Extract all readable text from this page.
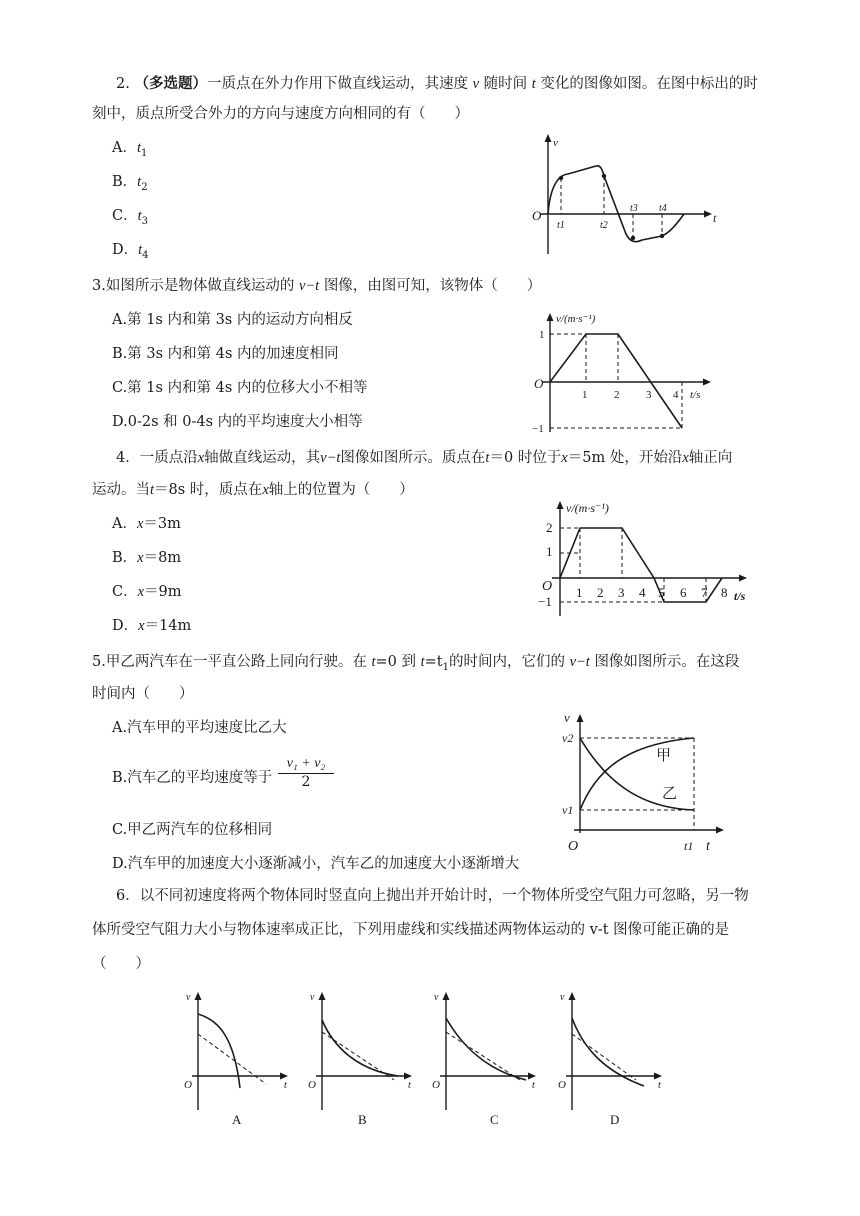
2. （多选题）一质点在外力作用下做直线运动，其速度 v 随时间 t 变化的图像如图。在图中标出的时
刻中，质点所受合外力的方向与速度方向相同的有（　　）
A．$t_1$
B．$t_2$
C．$t_3$
D．$t_4$
v
t
O
t1	t2
t3 t4
3.如图所示是物体做直线运动的 v−t 图像，由图可知，该物体（　　）
A.第 1s 内和第 3s 内的运动方向相反
B.第 3s 内和第 4s 内的加速度相同
C.第 1s 内和第 4s 内的位移大小不相等
D.0-2s 和 0-4s 内的平均速度大小相等
v/(m·s⁻¹)
t/s
O
1
−1
1 2 3 4
4．一质点沿x轴做直线运动，其v−t图像如图所示。质点在t＝0 时位于x＝5m 处，开始沿x轴正向
运动。当t＝8s 时，质点在x轴上的位置为（　　）
A．x＝3m
B．x＝8m
C．x＝9m
D．x＝14m
v/(m·s⁻¹)
t/s
O
2
1
−1
1 2 3 4 5 6 7 8
5.甲乙两汽车在一平直公路上同向行驶。在 t=0 到 $t=t_1$的时间内，它们的 v−t 图像如图所示。在这段
时间内（　　）
A.汽车甲的平均速度比乙大
B.汽车乙的平均速度等于 $\frac{\text{v₁ + v₂}}{2}$
C.甲乙两汽车的位移相同
D.汽车甲的加速度大小逐渐减小，汽车乙的加速度大小逐渐增大
v
t
O
v2
v1
t1
甲
乙
6．以不同初速度将两个物体同时竖直向上抛出并开始计时，一个物体所受空气阻力可忽略，另一物
体所受空气阻力大小与物体速率成正比，下列用虚线和实线描述两物体运动的 v-t 图像可能正确的是
（　　）
v
t
O
A
v
t
O
B
v
t
O
C
v
t
O
D
